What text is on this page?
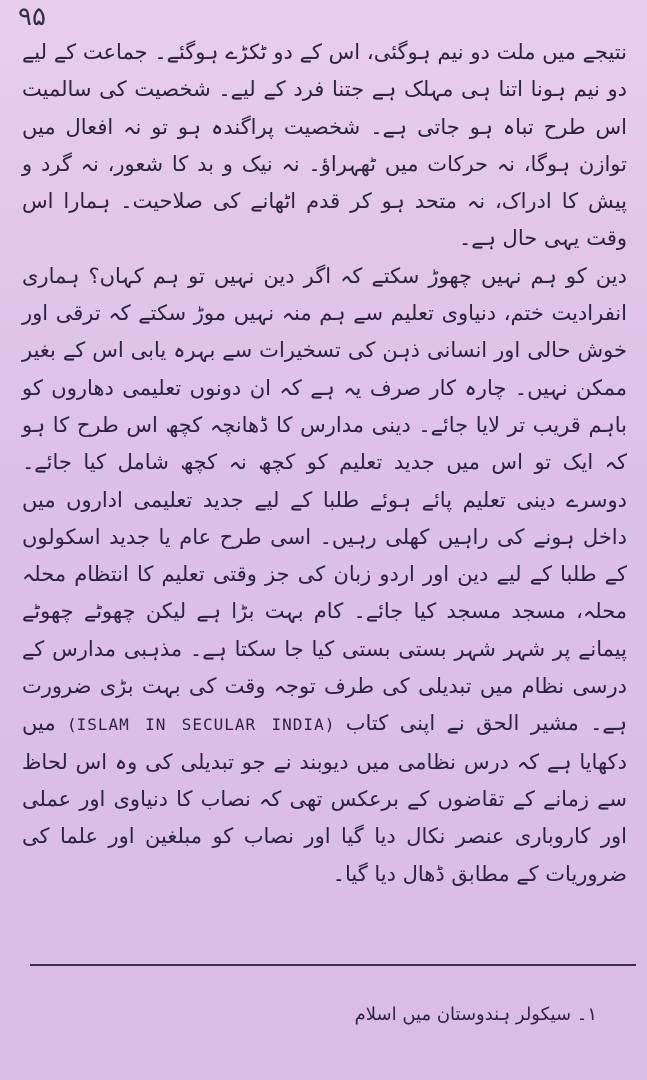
۹۵

نتیجے میں ملت دو نیم ہوگئی، اس کے دو ٹکڑے ہوگئے۔ جماعت کے لیے دو نیم ہونا اتنا ہی مہلک ہے جتنا فرد کے لیے۔ شخصیت کی سالمیت اس طرح تباہ ہو جاتی ہے۔ شخصیت پراگندہ ہو تو نہ افعال میں توازن ہوگا، نہ حرکات میں ٹھہراؤ۔ نہ نیک و بد کا شعور، نہ گرد و پیش کا ادراک، نہ متحد ہو کر قدم اٹھانے کی صلاحیت۔ ہمارا اس وقت یہی حال ہے۔

دین کو ہم نہیں چھوڑ سکتے کہ اگر دین نہیں تو ہم کہاں؟ ہماری انفرادیت ختم، دنیاوی تعلیم سے ہم منہ نہیں موڑ سکتے کہ ترقی اور خوش حالی اور انسانی ذہن کی تسخیرات سے بہرہ یابی اس کے بغیر ممکن نہیں۔ چارہ کار صرف یہ ہے کہ ان دونوں تعلیمی دھاروں کو باہم قریب تر لایا جائے۔ دینی مدارس کا ڈھانچہ کچھ اس طرح کا ہو کہ ایک تو اس میں جدید تعلیم کو کچھ نہ کچھ شامل کیا جائے۔ دوسرے دینی تعلیم پائے ہوئے طلبا کے لیے جدید تعلیمی اداروں میں داخل ہونے کی راہیں کھلی رہیں۔ اسی طرح عام یا جدید اسکولوں کے طلبا کے لیے دین اور اردو زبان کی جز وقتی تعلیم کا انتظام محلہ محلہ، مسجد مسجد کیا جائے۔ کام بہت بڑا ہے لیکن چھوٹے چھوٹے پیمانے پر شہر شہر بستی بستی کیا جا سکتا ہے۔ مذہبی مدارس کے درسی نظام میں تبدیلی کی طرف توجہ وقت کی بہت بڑی ضرورت ہے۔ مشیر الحق نے اپنی کتاب (ISLAM IN SECULAR INDIA) میں دکھایا ہے کہ درس نظامی میں دیوبند نے جو تبدیلی کی وہ اس لحاظ سے زمانے کے تقاضوں کے برعکس تھی کہ نصاب کا دنیاوی اور عملی اور کاروباری عنصر نکال دیا گیا اور نصاب کو مبلغین اور علما کی ضروریات کے مطابق ڈھال دیا گیا۔

۱۔ سیکولر ہندوستان میں اسلام
